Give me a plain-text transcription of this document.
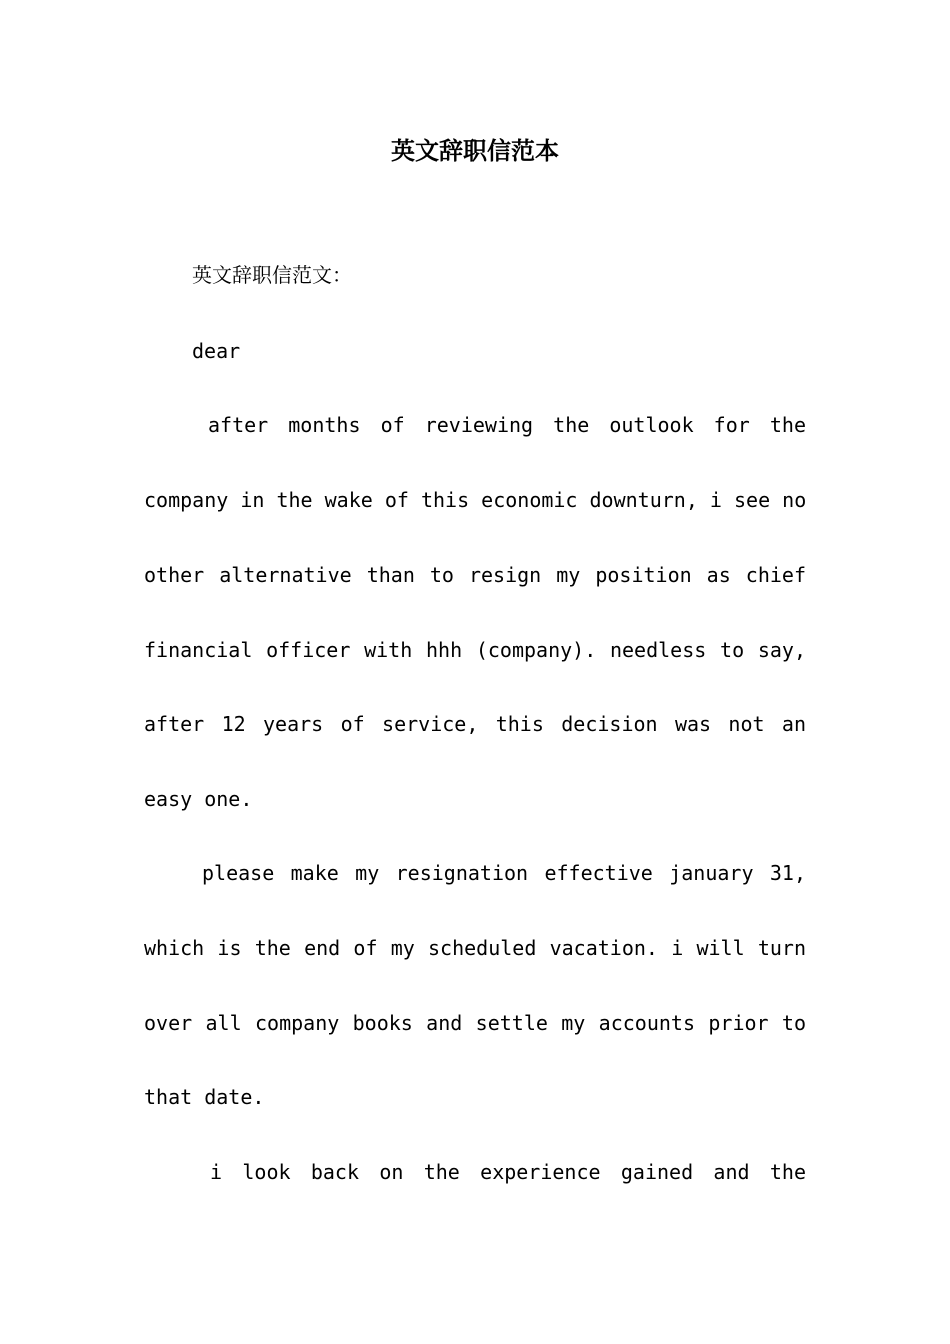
英文辞职信范本
英文辞职信范文：
dear
after months of reviewing the outlook for the
company in the wake of this economic downturn, i see no
other alternative than to resign my position as chief
financial officer with hhh (company). needless to say,
after 12 years of service, this decision was not an
easy one.
please make my resignation effective january 31,
which is the end of my scheduled vacation. i will turn
over all company books and settle my accounts prior to
that date.
i look back on the experience gained and the
